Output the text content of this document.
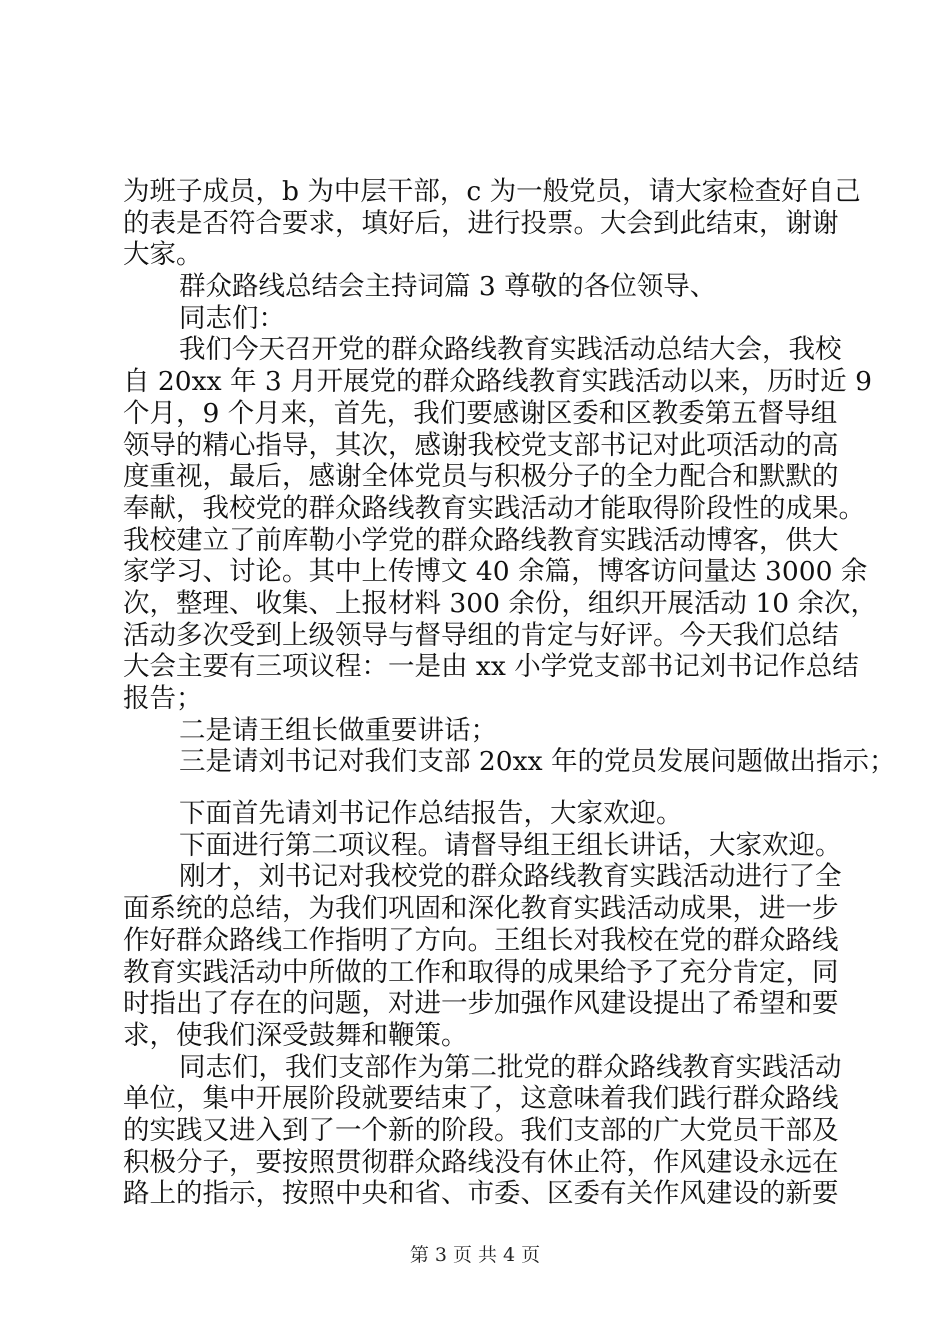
为班子成员，b 为中层干部，c 为一般党员，请大家检查好自己
的表是否符合要求，填好后，进行投票。大会到此结束，谢谢
大家。
群众路线总结会主持词篇 3 尊敬的各位领导、
同志们：
我们今天召开党的群众路线教育实践活动总结大会，我校
自 20xx 年 3 月开展党的群众路线教育实践活动以来，历时近 9
个月，9 个月来，首先，我们要感谢区委和区教委第五督导组
领导的精心指导，其次，感谢我校党支部书记对此项活动的高
度重视，最后，感谢全体党员与积极分子的全力配合和默默的
奉献，我校党的群众路线教育实践活动才能取得阶段性的成果。
我校建立了前库勒小学党的群众路线教育实践活动博客，供大
家学习、讨论。其中上传博文 40 余篇，博客访问量达 3000 余
次，整理、收集、上报材料 300 余份，组织开展活动 10 余次，
活动多次受到上级领导与督导组的肯定与好评。今天我们总结
大会主要有三项议程：一是由 xx 小学党支部书记刘书记作总结
报告；
二是请王组长做重要讲话；
三是请刘书记对我们支部 20xx 年的党员发展问题做出指示；
下面首先请刘书记作总结报告，大家欢迎。
下面进行第二项议程。请督导组王组长讲话，大家欢迎。
刚才，刘书记对我校党的群众路线教育实践活动进行了全
面系统的总结，为我们巩固和深化教育实践活动成果，进一步
作好群众路线工作指明了方向。王组长对我校在党的群众路线
教育实践活动中所做的工作和取得的成果给予了充分肯定，同
时指出了存在的问题，对进一步加强作风建设提出了希望和要
求，使我们深受鼓舞和鞭策。
同志们，我们支部作为第二批党的群众路线教育实践活动
单位，集中开展阶段就要结束了，这意味着我们践行群众路线
的实践又进入到了一个新的阶段。我们支部的广大党员干部及
积极分子，要按照贯彻群众路线没有休止符，作风建设永远在
路上的指示，按照中央和省、市委、区委有关作风建设的新要
第 3 页 共 4 页
